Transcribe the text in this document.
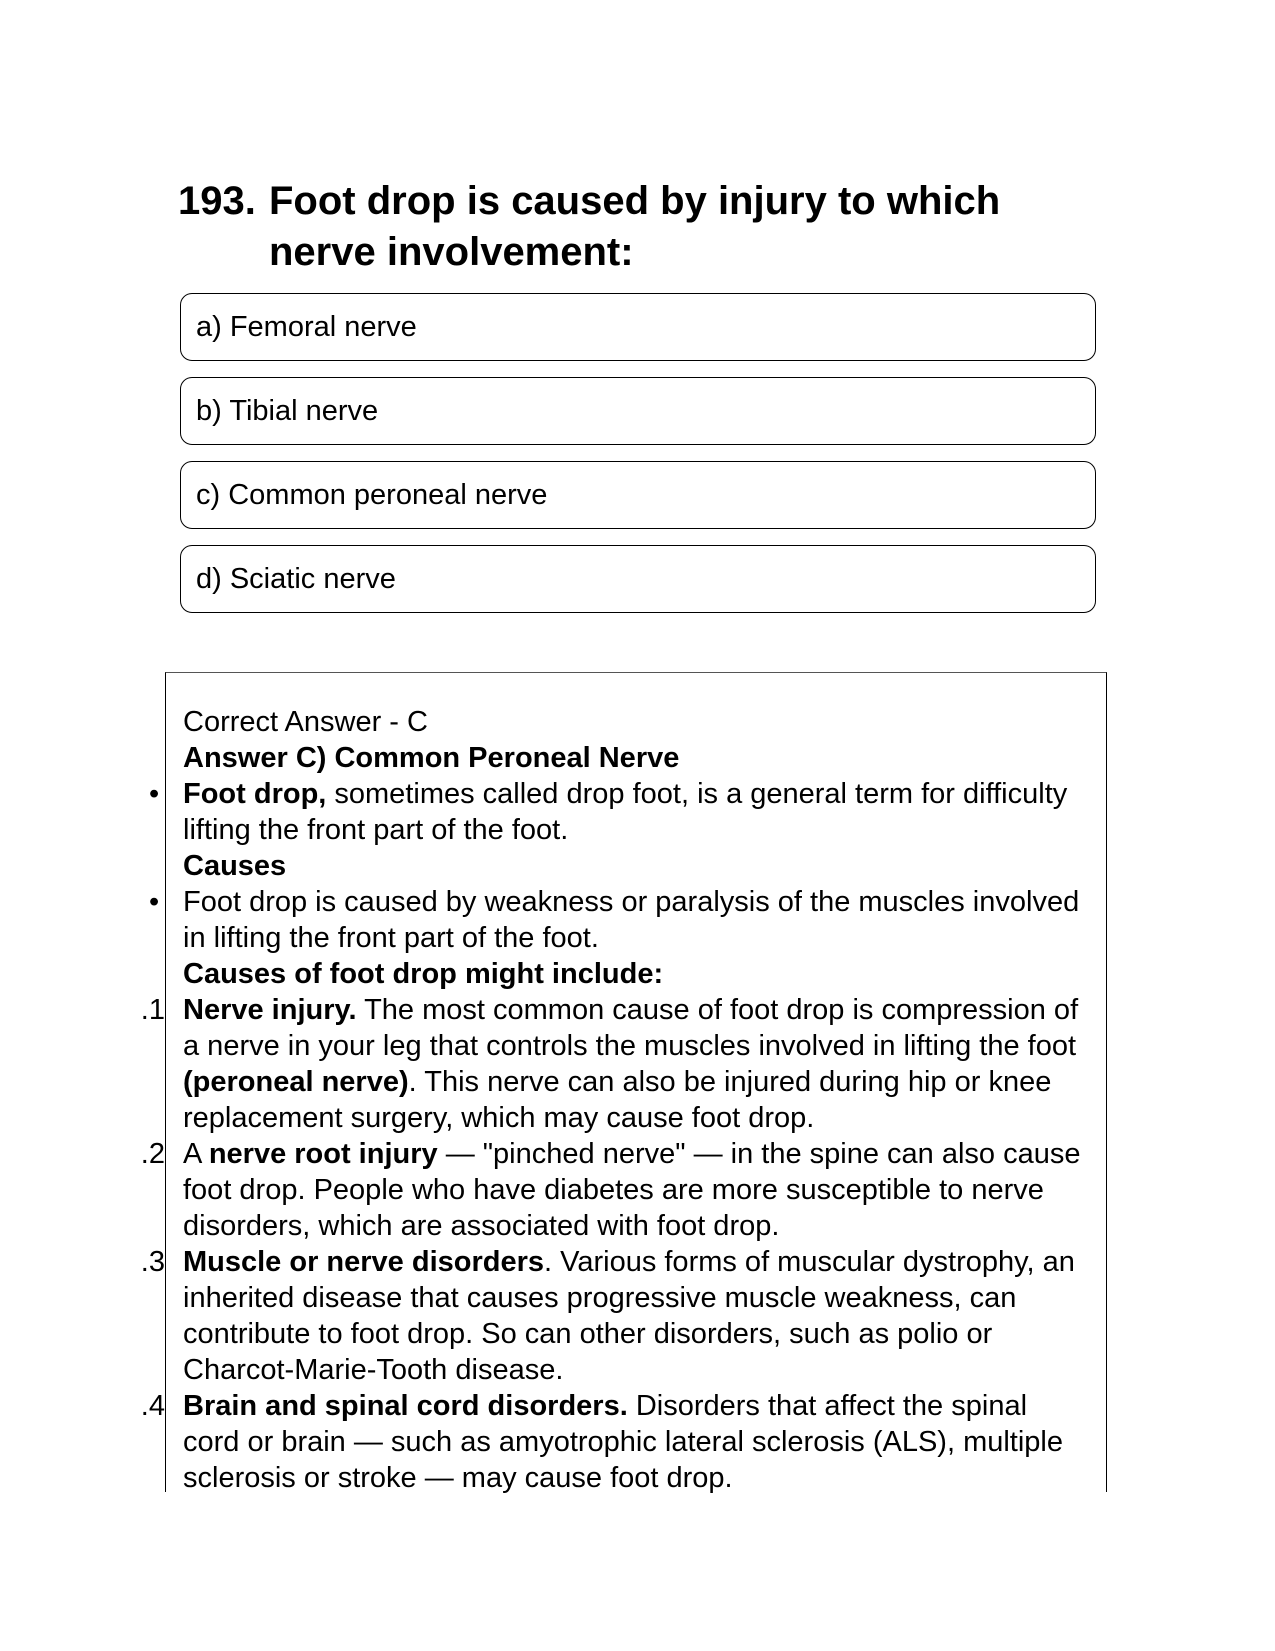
193. Foot drop is caused by injury to which nerve involvement:
a) Femoral nerve
b) Tibial nerve
c) Common peroneal nerve
d) Sciatic nerve
Correct Answer - C
Answer C) Common Peroneal Nerve
• Foot drop, sometimes called drop foot, is a general term for difficulty lifting the front part of the foot.
Causes
• Foot drop is caused by weakness or paralysis of the muscles involved in lifting the front part of the foot.
Causes of foot drop might include:
1. Nerve injury. The most common cause of foot drop is compression of a nerve in your leg that controls the muscles involved in lifting the foot (peroneal nerve). This nerve can also be injured during hip or knee replacement surgery, which may cause foot drop.
2. A nerve root injury — "pinched nerve" — in the spine can also cause foot drop. People who have diabetes are more susceptible to nerve disorders, which are associated with foot drop.
3. Muscle or nerve disorders. Various forms of muscular dystrophy, an inherited disease that causes progressive muscle weakness, can contribute to foot drop. So can other disorders, such as polio or Charcot-Marie-Tooth disease.
4. Brain and spinal cord disorders. Disorders that affect the spinal cord or brain — such as amyotrophic lateral sclerosis (ALS), multiple sclerosis or stroke — may cause foot drop.
